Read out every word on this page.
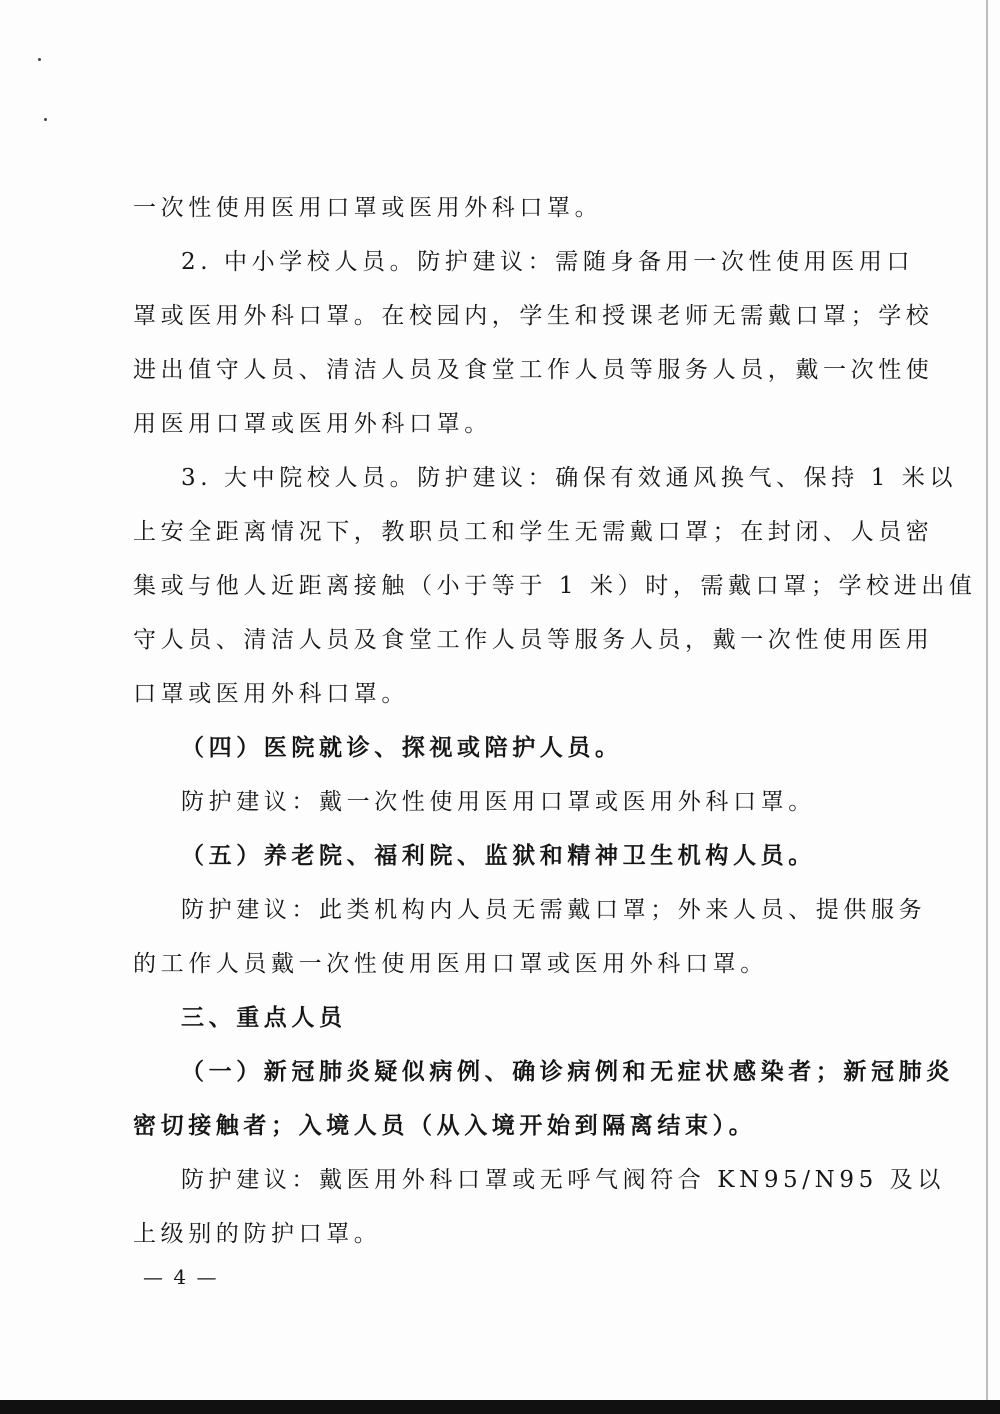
一次性使用医用口罩或医用外科口罩。
2. 中小学校人员。防护建议：需随身备用一次性使用医用口
罩或医用外科口罩。在校园内，学生和授课老师无需戴口罩；学校
进出值守人员、清洁人员及食堂工作人员等服务人员，戴一次性使
用医用口罩或医用外科口罩。
3. 大中院校人员。防护建议：确保有效通风换气、保持 1 米以
上安全距离情况下，教职员工和学生无需戴口罩；在封闭、人员密
集或与他人近距离接触（小于等于 1 米）时，需戴口罩；学校进出值
守人员、清洁人员及食堂工作人员等服务人员，戴一次性使用医用
口罩或医用外科口罩。
（四）医院就诊、探视或陪护人员。
防护建议：戴一次性使用医用口罩或医用外科口罩。
（五）养老院、福利院、监狱和精神卫生机构人员。
防护建议：此类机构内人员无需戴口罩；外来人员、提供服务
的工作人员戴一次性使用医用口罩或医用外科口罩。
三、重点人员
（一）新冠肺炎疑似病例、确诊病例和无症状感染者；新冠肺炎
密切接触者；入境人员（从入境开始到隔离结束）。
防护建议：戴医用外科口罩或无呼气阀符合 KN95/N95 及以
上级别的防护口罩。
— 4 —
